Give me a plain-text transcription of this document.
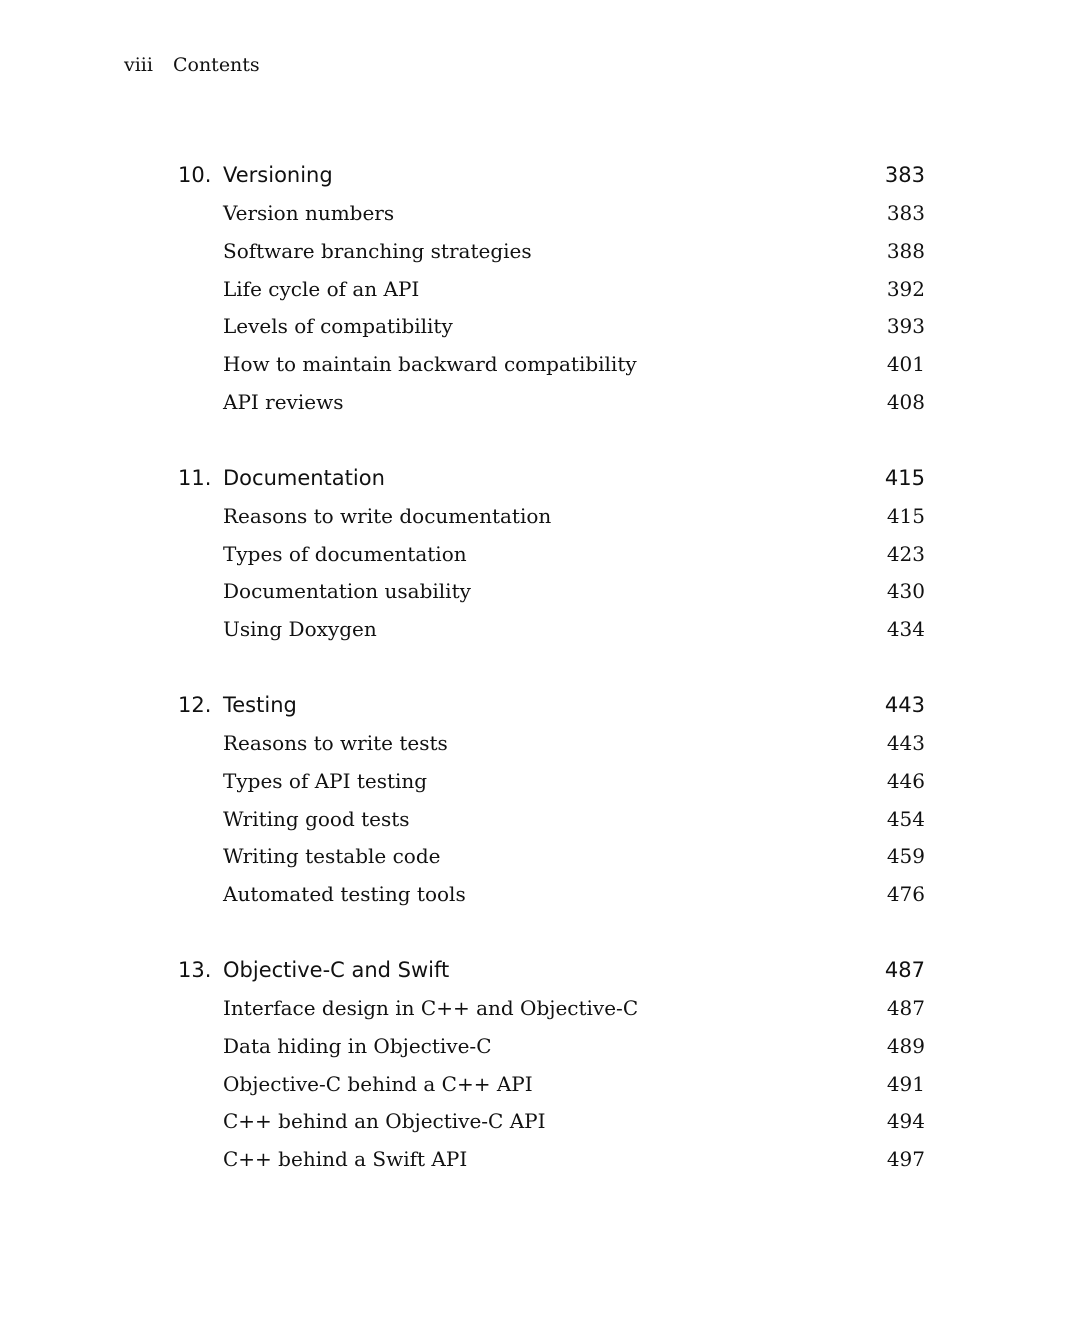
viii Contents
10. Versioning	383
Version numbers	383
Software branching strategies	388
Life cycle of an API	392
Levels of compatibility	393
How to maintain backward compatibility	401
API reviews	408
11. Documentation	415
Reasons to write documentation	415
Types of documentation	423
Documentation usability	430
Using Doxygen	434
12. Testing	443
Reasons to write tests	443
Types of API testing	446
Writing good tests	454
Writing testable code	459
Automated testing tools	476
13. Objective-C and Swift	487
Interface design in C++ and Objective-C	487
Data hiding in Objective-C	489
Objective-C behind a C++ API	491
C++ behind an Objective-C API	494
C++ behind a Swift API	497
